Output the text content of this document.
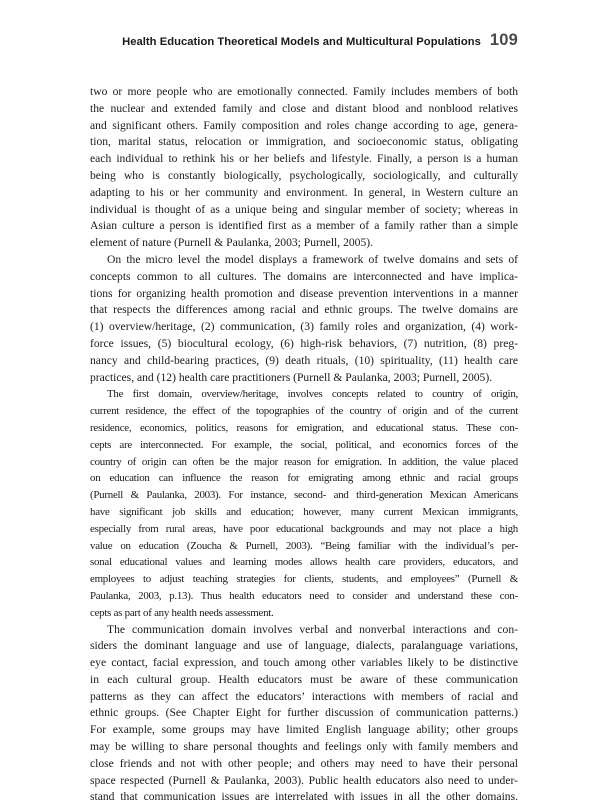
Health Education Theoretical Models and Multicultural Populations 109
two or more people who are emotionally connected. Family includes members of both
the nuclear and extended family and close and distant blood and nonblood relatives
and significant others. Family composition and roles change according to age, genera-
tion, marital status, relocation or immigration, and socioeconomic status, obligating
each individual to rethink his or her beliefs and lifestyle. Finally, a person is a human
being who is constantly biologically, psychologically, sociologically, and culturally
adapting to his or her community and environment. In general, in Western culture an
individual is thought of as a unique being and singular member of society; whereas in
Asian culture a person is identified first as a member of a family rather than a simple
element of nature (Purnell & Paulanka, 2003; Purnell, 2005).
On the micro level the model displays a framework of twelve domains and sets of
concepts common to all cultures. The domains are interconnected and have implica-
tions for organizing health promotion and disease prevention interventions in a manner
that respects the differences among racial and ethnic groups. The twelve domains are
(1) overview/heritage, (2) communication, (3) family roles and organization, (4) work-
force issues, (5) biocultural ecology, (6) high-risk behaviors, (7) nutrition, (8) preg-
nancy and child-bearing practices, (9) death rituals, (10) spirituality, (11) health care
practices, and (12) health care practitioners (Purnell & Paulanka, 2003; Purnell, 2005).
The first domain, overview/heritage, involves concepts related to country of origin,
current residence, the effect of the topographies of the country of origin and of the current
residence, economics, politics, reasons for emigration, and educational status. These con-
cepts are interconnected. For example, the social, political, and economics forces of the
country of origin can often be the major reason for emigration. In addition, the value placed
on education can influence the reason for emigrating among ethnic and racial groups
(Purnell & Paulanka, 2003). For instance, second- and third-generation Mexican Americans
have significant job skills and education; however, many current Mexican immigrants,
especially from rural areas, have poor educational backgrounds and may not place a high
value on education (Zoucha & Purnell, 2003). “Being familiar with the individual’s per-
sonal educational values and learning modes allows health care providers, educators, and
employees to adjust teaching strategies for clients, students, and employees” (Purnell &
Paulanka, 2003, p.13). Thus health educators need to consider and understand these con-
cepts as part of any health needs assessment.
The communication domain involves verbal and nonverbal interactions and con-
siders the dominant language and use of language, dialects, paralanguage variations,
eye contact, facial expression, and touch among other variables likely to be distinctive
in each cultural group. Health educators must be aware of these communication
patterns as they can affect the educators’ interactions with members of racial and
ethnic groups. (See Chapter Eight for further discussion of communication patterns.)
For example, some groups may have limited English language ability; other groups
may be willing to share personal thoughts and feelings only with family members and
close friends and not with other people; and others may need to have their personal
space respected (Purnell & Paulanka, 2003). Public health educators also need to under-
stand that communication issues are interrelated with issues in all the other domains.
